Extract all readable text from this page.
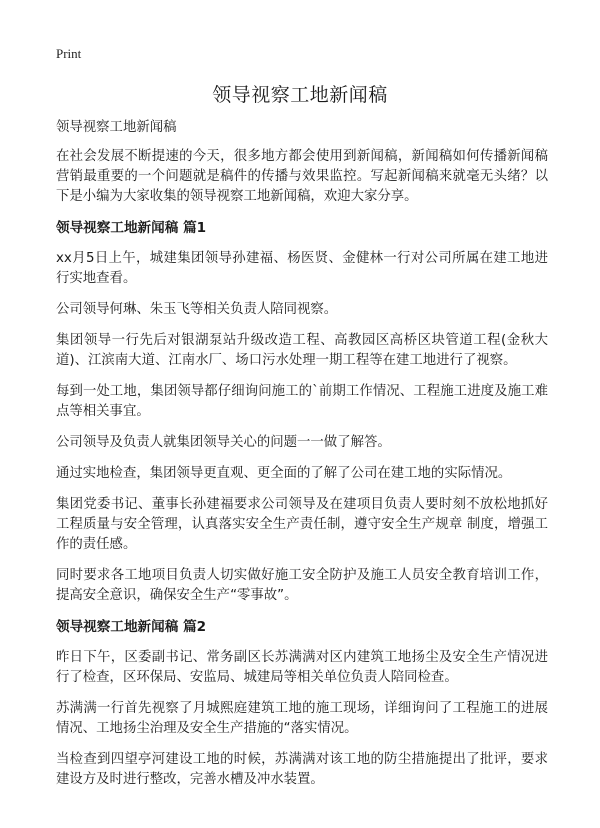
Print
领导视察工地新闻稿

领导视察工地新闻稿

在社会发展不断提速的今天，很多地方都会使用到新闻稿，新闻稿如何传播新闻稿营销最重要的一个问题就是稿件的传播与效果监控。写起新闻稿来就毫无头绪？以下是小编为大家收集的领导视察工地新闻稿，欢迎大家分享。

领导视察工地新闻稿 篇1

xx月5日上午，城建集团领导孙建福、杨医贤、金健林一行对公司所属在建工地进行实地查看。

公司领导何琳、朱玉飞等相关负责人陪同视察。

集团领导一行先后对银湖泵站升级改造工程、高教园区高桥区块管道工程(金秋大道)、江滨南大道、江南水厂、场口污水处理一期工程等在建工地进行了视察。

每到一处工地，集团领导都仔细询问施工的`前期工作情况、工程施工进度及施工难点等相关事宜。

公司领导及负责人就集团领导关心的问题一一做了解答。

通过实地检查，集团领导更直观、更全面的了解了公司在建工地的实际情况。

集团党委书记、董事长孙建福要求公司领导及在建项目负责人要时刻不放松地抓好工程质量与安全管理，认真落实安全生产责任制，遵守安全生产规章 制度，增强工作的责任感。

同时要求各工地项目负责人切实做好施工安全防护及施工人员安全教育培训工作，提高安全意识，确保安全生产“零事故”。

领导视察工地新闻稿 篇2

昨日下午，区委副书记、常务副区长苏满满对区内建筑工地扬尘及安全生产情况进行了检查，区环保局、安监局、城建局等相关单位负责人陪同检查。

苏满满一行首先视察了月城熙庭建筑工地的施工现场，详细询问了工程施工的进展情况、工地扬尘治理及安全生产措施的“落实情况。

当检查到四望亭河建设工地的时候，苏满满对该工地的防尘措施提出了批评，要求建设方及时进行整改，完善水槽及冲水装置。
